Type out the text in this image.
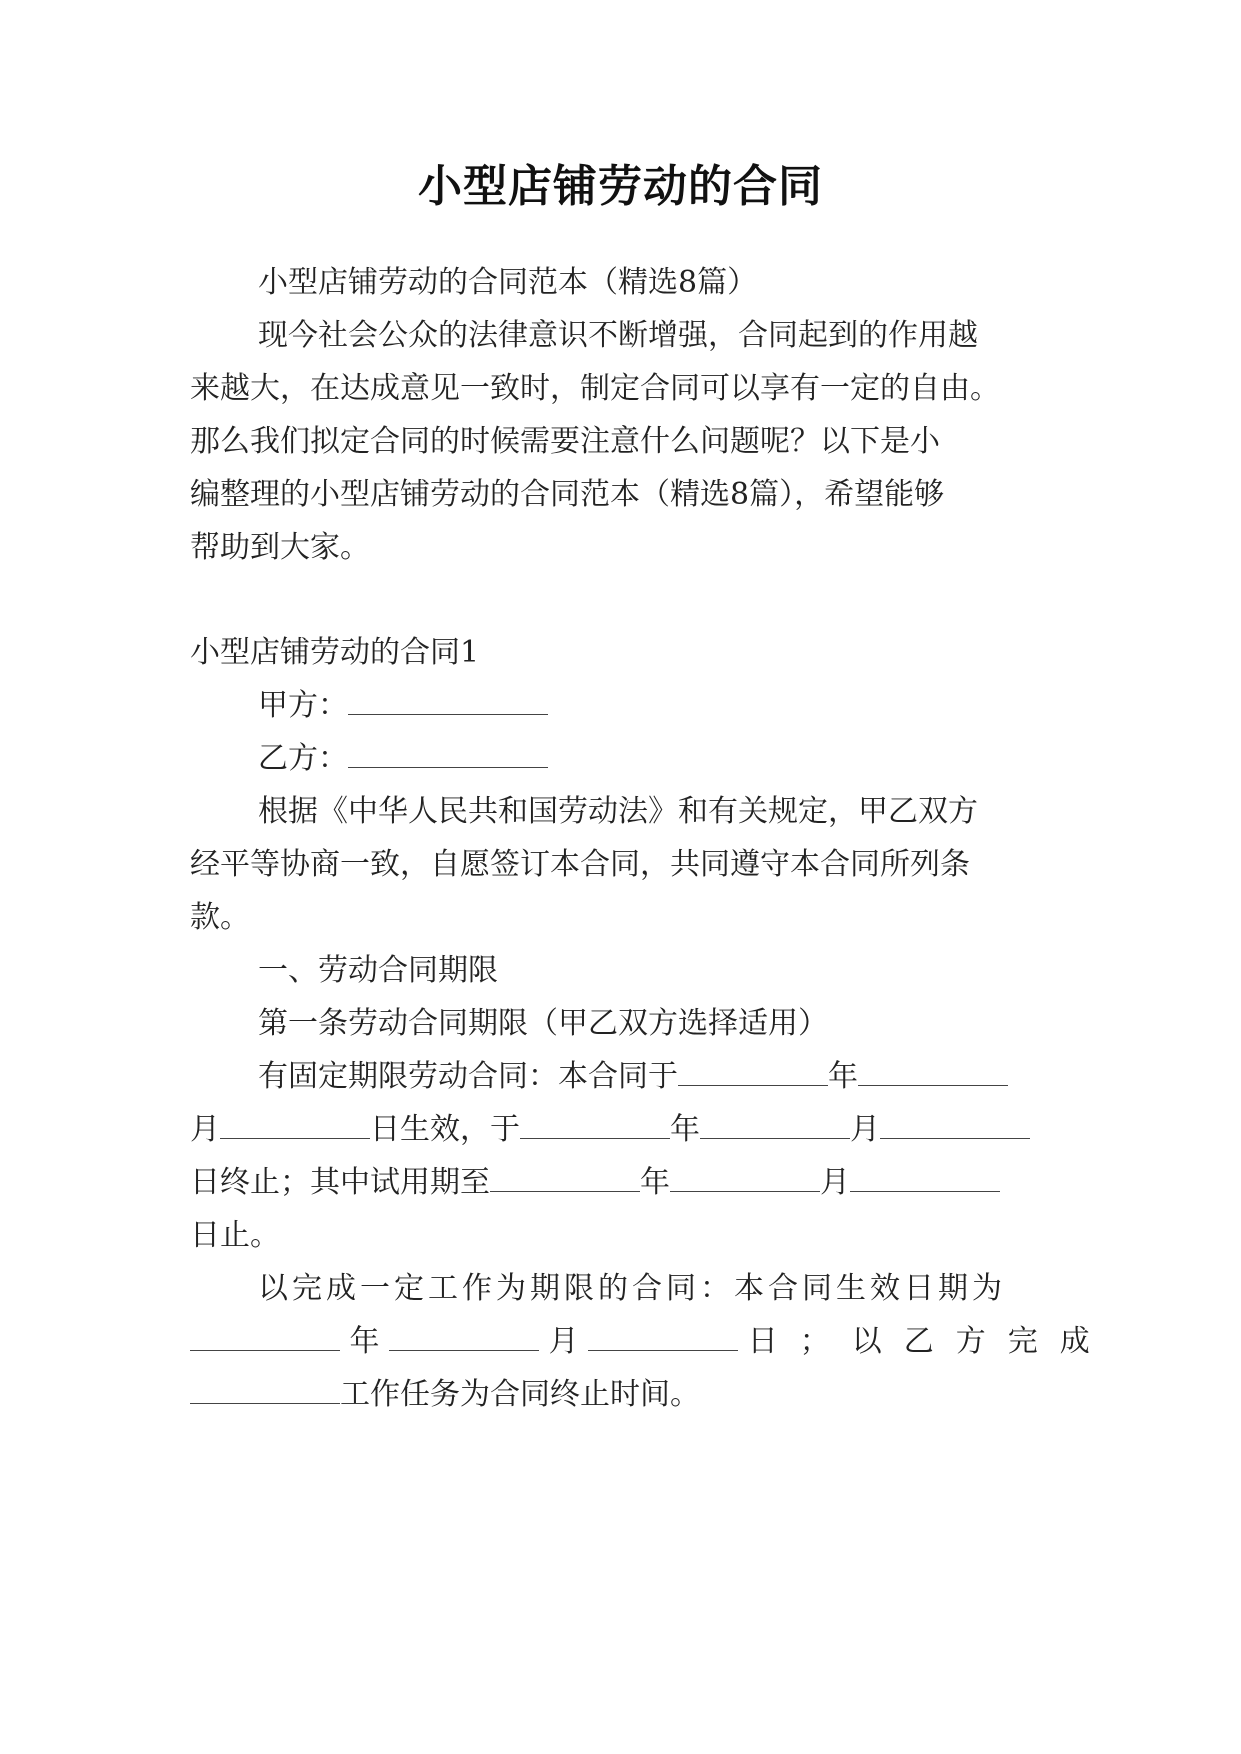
小型店铺劳动的合同
小型店铺劳动的合同范本（精选8篇）
现今社会公众的法律意识不断增强，合同起到的作用越
来越大，在达成意见一致时，制定合同可以享有一定的自由。
那么我们拟定合同的时候需要注意什么问题呢？以下是小
编整理的小型店铺劳动的合同范本（精选8篇），希望能够
帮助到大家。
小型店铺劳动的合同1
甲方：
乙方：
根据《中华人民共和国劳动法》和有关规定，甲乙双方
经平等协商一致，自愿签订本合同，共同遵守本合同所列条
款。
一、劳动合同期限
第一条劳动合同期限（甲乙双方选择适用）
有固定期限劳动合同：本合同于	年
月	日生效，于	年	月
日终止；其中试用期至	年	月
日止。
以完成一定工作为期限的合同：本合同生效日期为
年	月	日；以乙方完成
工作任务为合同终止时间。
